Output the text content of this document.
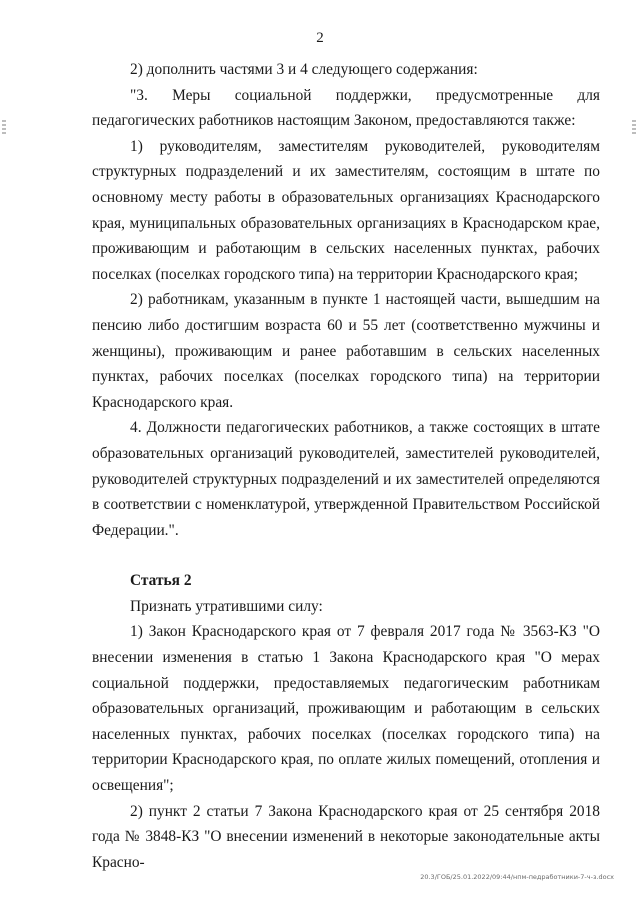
2

2) дополнить частями 3 и 4 следующего содержания:

"3. Меры социальной поддержки, предусмотренные для педагогических работников настоящим Законом, предоставляются также:

1) руководителям, заместителям руководителей, руководителям структурных подразделений и их заместителям, состоящим в штате по основному месту работы в образовательных организациях Краснодарского края, муниципальных образовательных организациях в Краснодарском крае, проживающим и работающим в сельских населенных пунктах, рабочих поселках (поселках городского типа) на территории Краснодарского края;

2) работникам, указанным в пункте 1 настоящей части, вышедшим на пенсию либо достигшим возраста 60 и 55 лет (соответственно мужчины и женщины), проживающим и ранее работавшим в сельских населенных пунктах, рабочих поселках (поселках городского типа) на территории Краснодарского края.

4. Должности педагогических работников, а также состоящих в штате образовательных организаций руководителей, заместителей руководителей, руководителей структурных подразделений и их заместителей определяются в соответствии с номенклатурой, утвержденной Правительством Российской Федерации.".

Статья 2

Признать утратившими силу:

1) Закон Краснодарского края от 7 февраля 2017 года № 3563-КЗ "О внесении изменения в статью 1 Закона Краснодарского края "О мерах социальной поддержки, предоставляемых педагогическим работникам образовательных организаций, проживающим и работающим в сельских населенных пунктах, рабочих поселках (поселках городского типа) на территории Краснодарского края, по оплате жилых помещений, отопления и освещения";

2) пункт 2 статьи 7 Закона Краснодарского края от 25 сентября 2018 года № 3848-КЗ "О внесении изменений в некоторые законодательные акты Красно-

20.3/ГОБ/25.01.2022/09:44/нпм-педработники-7-ч-з.docx
